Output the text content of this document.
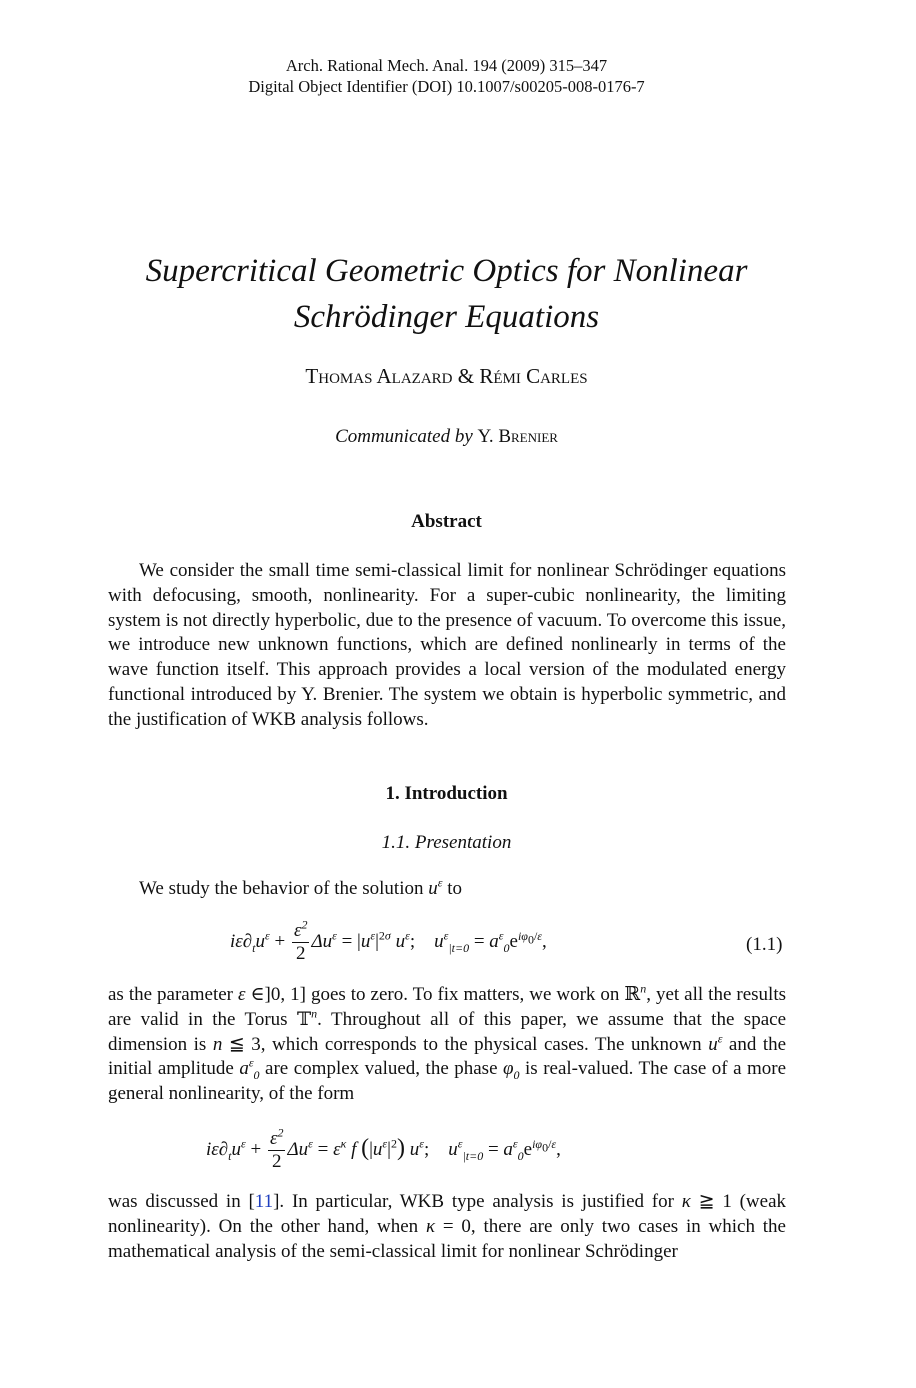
Arch. Rational Mech. Anal. 194 (2009) 315–347
Digital Object Identifier (DOI) 10.1007/s00205-008-0176-7
Supercritical Geometric Optics for Nonlinear
Schrödinger Equations
Thomas Alazard & Rémi Carles
Communicated by Y. Brenier
Abstract
We consider the small time semi-classical limit for nonlinear Schrödinger equations with defocusing, smooth, nonlinearity. For a super-cubic nonlinearity, the limiting system is not directly hyperbolic, due to the presence of vacuum. To overcome this issue, we introduce new unknown functions, which are defined nonlinearly in terms of the wave function itself. This approach provides a local version of the modulated energy functional introduced by Y. Brenier. The system we obtain is hyperbolic symmetric, and the justification of WKB analysis follows.
1. Introduction
1.1. Presentation
We study the behavior of the solution $u^\varepsilon$ to
$i\varepsilon\partial_tu^\varepsilon + \frac{\varepsilon^2}{2} \Delta u^\varepsilon = |u^\varepsilon|^{2\sigma}$ $u^\varepsilon$;    $u^\varepsilon_{|t=0} = a^\varepsilon_0e^{i\varphi_0/\varepsilon}$,	(1.1)
as the parameter ε ∈]0, 1] goes to zero. To fix matters, we work on ℝ$^n$, yet all the results are valid in the Torus 𝕋$^n$. Throughout all of this paper, we assume that the space dimension is n ≦ 3, which corresponds to the physical cases. The unknown $u^\varepsilon$ and the initial amplitude $a^\varepsilon_0$ are complex valued, the phase $\varphi_0$ is real-valued. The case of a more general nonlinearity, of the form
$i\varepsilon\partial_tu^\varepsilon + \frac{\varepsilon^2}{2} \Delta u^\varepsilon = \varepsilon^\kappa$ f $(|u^\varepsilon|^2)$ $u^\varepsilon$;    $u^\varepsilon_{|t=0} = a^\varepsilon_0e^{i\varphi_0/\varepsilon}$,
was discussed in [11]. In particular, WKB type analysis is justified for κ ≧ 1 (weak nonlinearity). On the other hand, when κ = 0, there are only two cases in which the mathematical analysis of the semi-classical limit for nonlinear Schrödinger
